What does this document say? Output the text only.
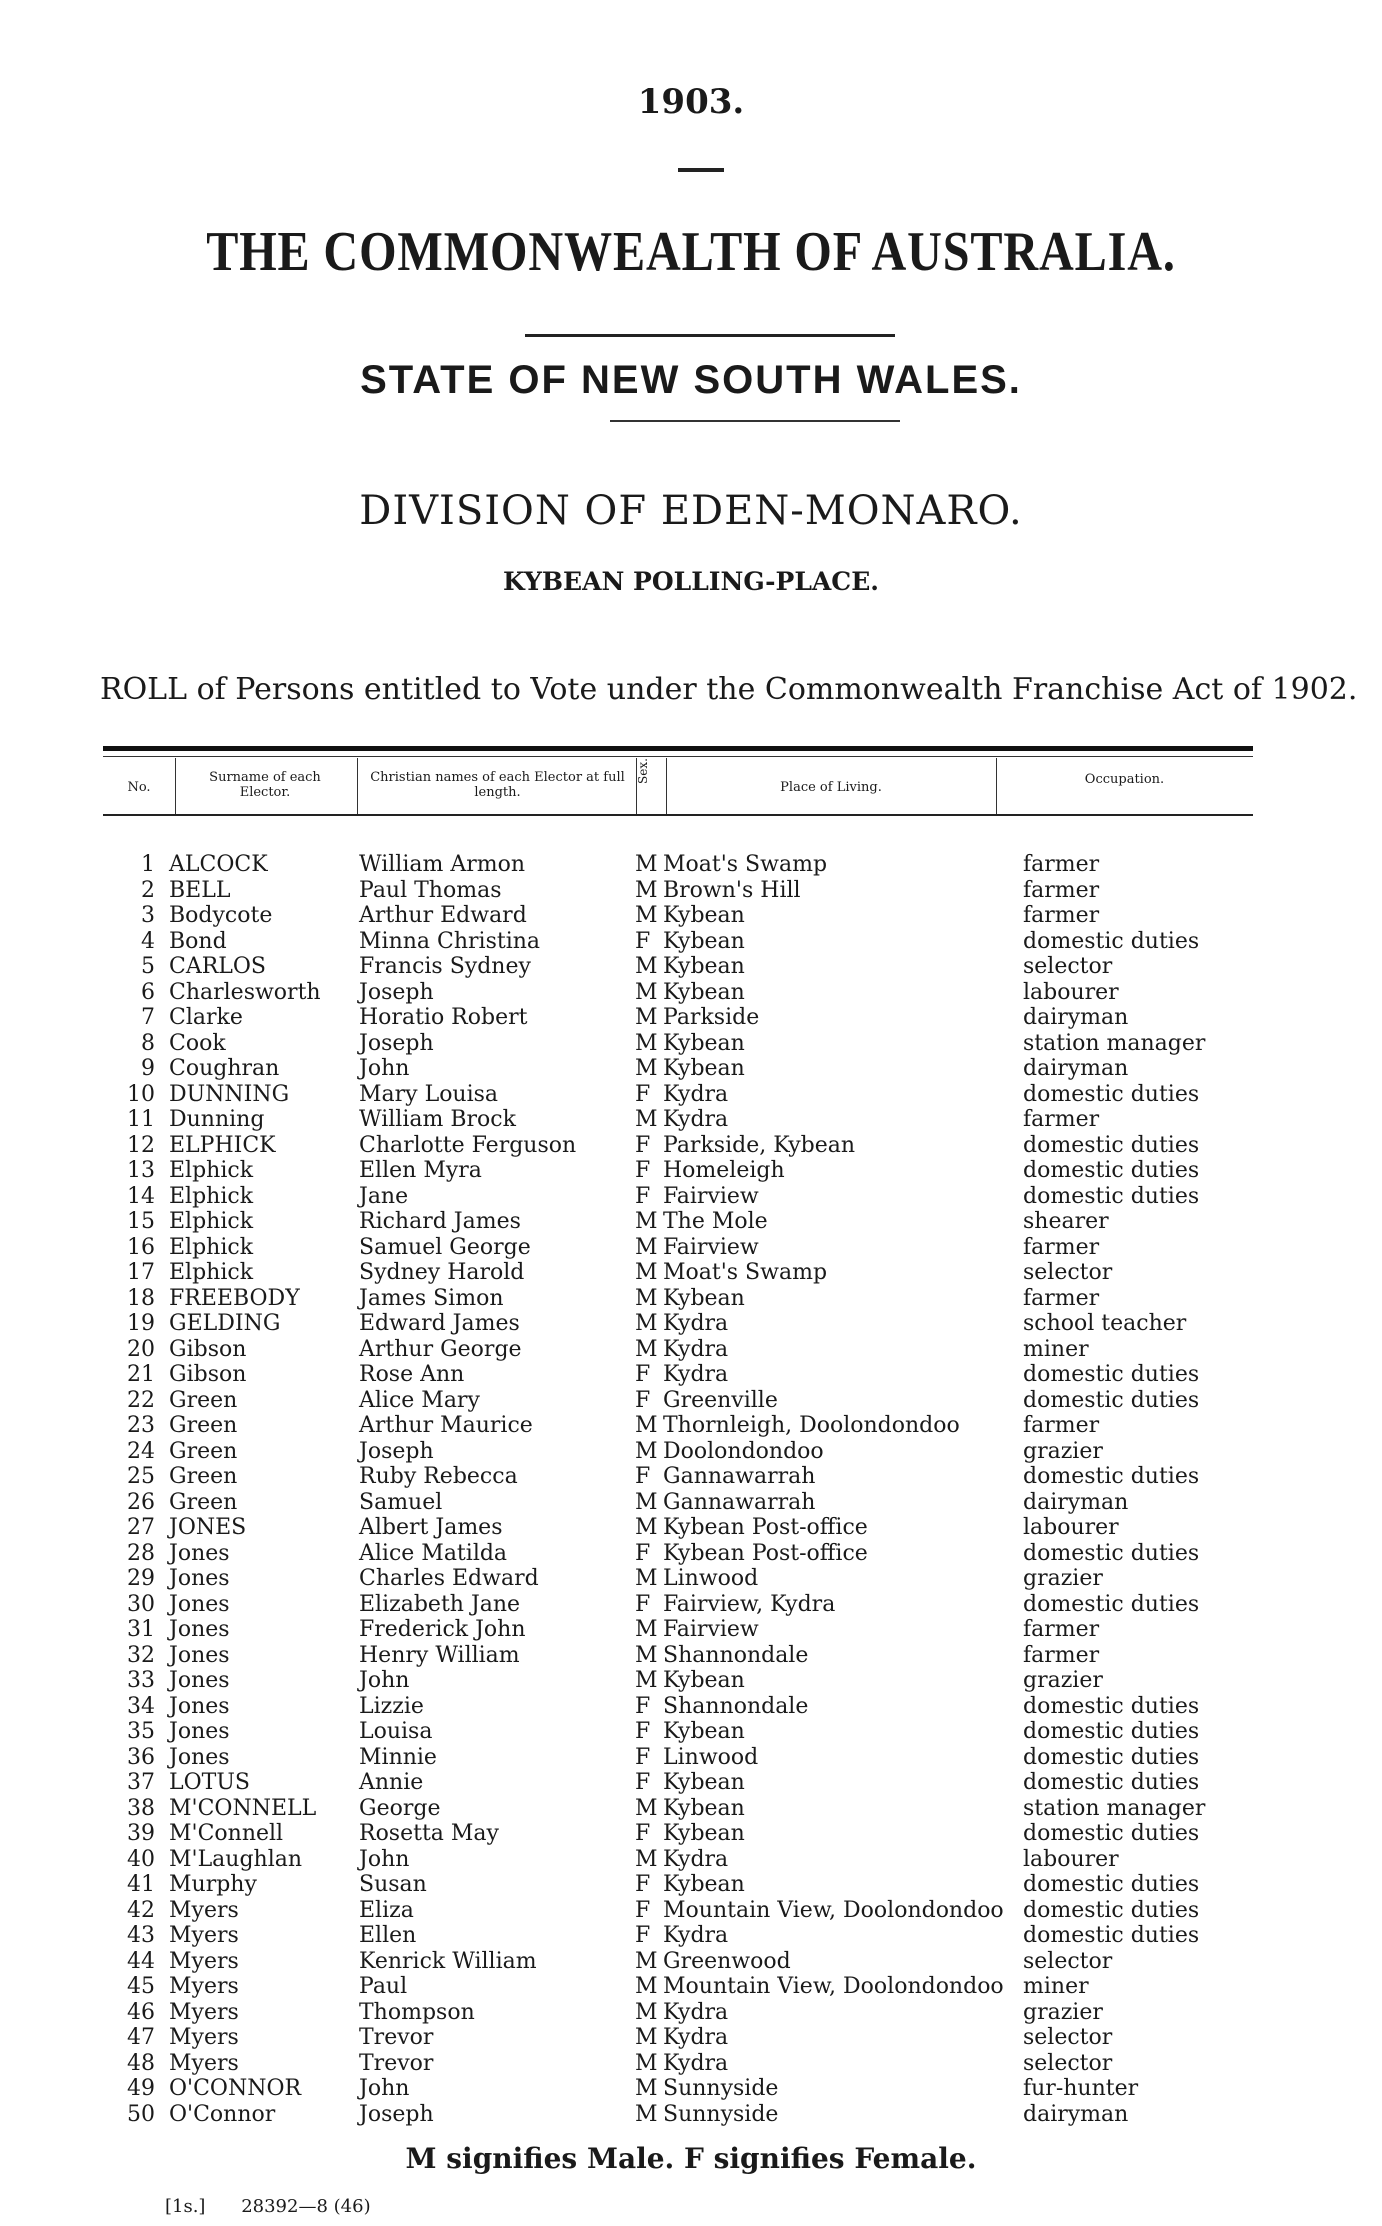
1903.
THE COMMONWEALTH OF AUSTRALIA.
STATE OF NEW SOUTH WALES.
DIVISION OF EDEN-MONARO.
KYBEAN POLLING-PLACE.
ROLL of Persons entitled to Vote under the Commonwealth Franchise Act of 1902.
No.
Surname of each Elector.
Christian names of each Elector at full length.
Sex.
Place of Living.
Occupation.
1	ALCOCK	William Armon	M	Moat's Swamp	farmer
2	BELL	Paul Thomas	M	Brown's Hill	farmer
3	Bodycote	Arthur Edward	M	Kybean	farmer
4	Bond	Minna Christina	F	Kybean	domestic duties
5	CARLOS	Francis Sydney	M	Kybean	selector
6	Charlesworth	Joseph	M	Kybean	labourer
7	Clarke	Horatio Robert	M	Parkside	dairyman
8	Cook	Joseph	M	Kybean	station manager
9	Coughran	John	M	Kybean	dairyman
10	DUNNING	Mary Louisa	F	Kydra	domestic duties
11	Dunning	William Brock	M	Kydra	farmer
12	ELPHICK	Charlotte Ferguson	F	Parkside, Kybean	domestic duties
13	Elphick	Ellen Myra	F	Homeleigh	domestic duties
14	Elphick	Jane	F	Fairview	domestic duties
15	Elphick	Richard James	M	The Mole	shearer
16	Elphick	Samuel George	M	Fairview	farmer
17	Elphick	Sydney Harold	M	Moat's Swamp	selector
18	FREEBODY	James Simon	M	Kybean	farmer
19	GELDING	Edward James	M	Kydra	school teacher
20	Gibson	Arthur George	M	Kydra	miner
21	Gibson	Rose Ann	F	Kydra	domestic duties
22	Green	Alice Mary	F	Greenville	domestic duties
23	Green	Arthur Maurice	M	Thornleigh, Doolondondoo	farmer
24	Green	Joseph	M	Doolondondoo	grazier
25	Green	Ruby Rebecca	F	Gannawarrah	domestic duties
26	Green	Samuel	M	Gannawarrah	dairyman
27	JONES	Albert James	M	Kybean Post-office	labourer
28	Jones	Alice Matilda	F	Kybean Post-office	domestic duties
29	Jones	Charles Edward	M	Linwood	grazier
30	Jones	Elizabeth Jane	F	Fairview, Kydra	domestic duties
31	Jones	Frederick John	M	Fairview	farmer
32	Jones	Henry William	M	Shannondale	farmer
33	Jones	John	M	Kybean	grazier
34	Jones	Lizzie	F	Shannondale	domestic duties
35	Jones	Louisa	F	Kybean	domestic duties
36	Jones	Minnie	F	Linwood	domestic duties
37	LOTUS	Annie	F	Kybean	domestic duties
38	M'CONNELL	George	M	Kybean	station manager
39	M'Connell	Rosetta May	F	Kybean	domestic duties
40	M'Laughlan	John	M	Kydra	labourer
41	Murphy	Susan	F	Kybean	domestic duties
42	Myers	Eliza	F	Mountain View, Doolondondoo	domestic duties
43	Myers	Ellen	F	Kydra	domestic duties
44	Myers	Kenrick William	M	Greenwood	selector
45	Myers	Paul	M	Mountain View, Doolondondoo	miner
46	Myers	Thompson	M	Kydra	grazier
47	Myers	Trevor	M	Kydra	selector
48	Myers	Trevor	M	Kydra	selector
49	O'CONNOR	John	M	Sunnyside	fur-hunter
50	O'Connor	Joseph	M	Sunnyside	dairyman
M signifies Male. F signifies Female.
[1s.] 28392—8 (46)
